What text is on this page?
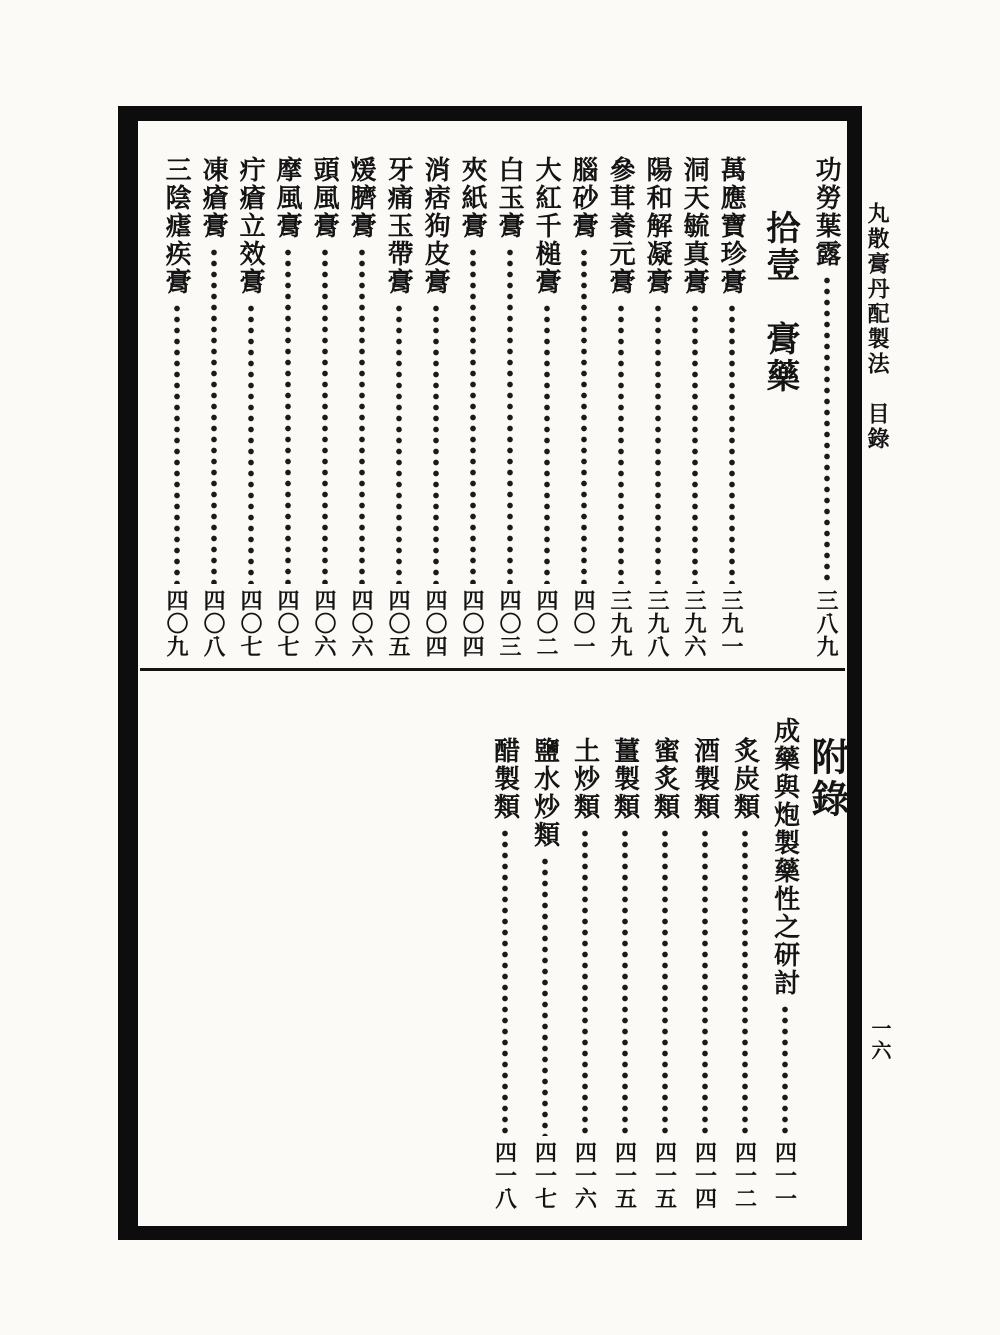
丸散膏丹配製法　目錄
一六
功勞葉露
三八九
拾壹　膏藥
萬應寶珍膏
三九一
洞天毓真膏
三九六
陽和解凝膏
三九八
參茸養元膏
三九九
腦砂膏
四〇一
大紅千槌膏
四〇二
白玉膏
四〇三
夾紙膏
四〇四
消痞狗皮膏
四〇四
牙痛玉帶膏
四〇五
煖臍膏
四〇六
頭風膏
四〇六
摩風膏
四〇七
疔瘡立效膏
四〇七
凍瘡膏
四〇八
三陰瘧疾膏
四〇九
附錄
成藥與炮製藥性之研討
四一一
炙炭類
四一二
酒製類
四一四
蜜炙類
四一五
薑製類
四一五
土炒類
四一六
鹽水炒類
四一七
醋製類
四一八
